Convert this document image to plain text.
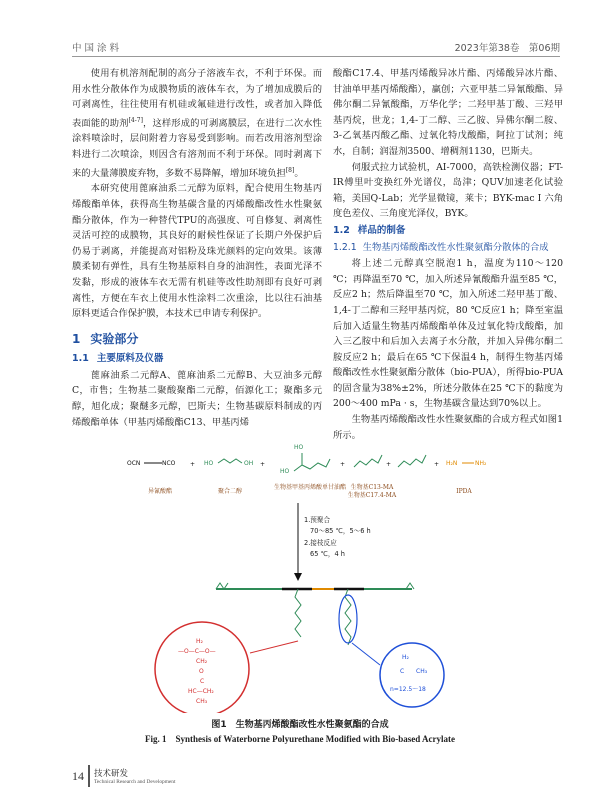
中 国 涂 料	2023年第38卷　第06期

使用有机溶剂配制的高分子溶液车衣，不利于环保。而用水性分散体作为成膜物质的液体车衣，为了增加成膜后的可剥离性，往往使用有机硅或氟硅进行改性，或者加入降低表面能的助剂[4-7]，这样形成的可剥离膜层，在进行二次水性涂料喷涂时，层间附着力容易受到影响。而若改用溶剂型涂料进行二次喷涂，则因含有溶剂而不利于环保。同时剥离下来的大量薄膜废弃物，多数不易降解，增加环境负担[8]。

本研究使用蓖麻油系二元醇为原料，配合使用生物基丙烯酸酯单体，获得高生物基碳含量的丙烯酸酯改性水性聚氨酯分散体，作为一种替代TPU的高强度、可自修复、剥离性灵活可控的成膜物，其良好的耐候性保证了长期户外保护后仍易于剥离，并能提高对铝粉及珠光颜料的定向效果。该薄膜柔韧有弹性，具有生物基原料自身的油润性，表面光泽不发黏，形成的液体车衣无需有机硅等改性助剂即有良好可剥离性，方便在车衣上使用水性涂料二次重涂，比以往石油基原料更适合作保护膜，本技术已申请专利保护。

1 实验部分
1.1 主要原料及仪器

蓖麻油系二元醇A、蓖麻油系二元醇B、大豆油多元醇C，市售；生物基二聚酸聚酯二元醇，佰源化工；聚酯多元醇，旭化成；聚醚多元醇，巴斯夫；生物基碳原料制成的丙烯酸酯单体（甲基丙烯酸酯C13、甲基丙烯

酸酯C17.4、甲基丙烯酸异冰片酯、丙烯酸异冰片酯、甘油单甲基丙烯酸酯），赢创；六亚甲基二异氰酸酯、异佛尔酮二异氰酸酯，万华化学；二羟甲基丁酸、三羟甲基丙烷，世龙；1,4-丁二醇、三乙胺、异佛尔酮二胺、3-乙氧基丙酸乙酯、过氧化特戊酸酯，阿拉丁试剂；纯水，自制；润湿剂3500、增稠剂1130，巴斯夫。

伺服式拉力试验机，AI-7000，高铁检测仪器；FT-IR傅里叶变换红外光谱仪，岛津；QUV加速老化试验箱，美国Q-Lab；光学显微镜，莱卡；BYK-mac Ⅰ 六角度色差仪、三角度光泽仪，BYK。

1.2 样品的制备
1.2.1 生物基丙烯酸酯改性水性聚氨酯分散体的合成

将上述二元醇真空脱泡1 h，温度为110～120 ℃；再降温至70 ℃，加入所述异氰酸酯升温至85 ℃，反应2 h；然后降温至70 ℃，加入所述二羟甲基丁酸、1,4-丁二醇和三羟甲基丙烷，80 ℃反应1 h；降至室温后加入适量生物基丙烯酸酯单体及过氧化特戊酸酯，加入三乙胺中和后加入去离子水分散，并加入异佛尔酮二胺反应2 h；最后在65 ℃下保温4 h，制得生物基丙烯酸酯改性水性聚氨酯分散体（bio-PUA），所得bio-PUA的固含量为38%±2%，所述分散体在25 ℃下的黏度为200～400 mPa · s，生物基碳含量达到70%以上。

生物基丙烯酸酯改性水性聚氨酯的合成方程式如图1所示。

OCN	NCO
异氰酸酯
+ HO	OH
聚合二醇
+
HO
HO
生物基甲基丙烯酸单甘油酯
+
生物基C13-MA
生物基C17.4-MA
+	+ H₂N	NH₂
IPDA
1.预聚合
70～85 ℃，5～6 h
2.接枝反应
65 ℃，4 h
H₂
—O—C—O—
CH₂
O
C
HC—CH₂
CH₃
H₂
C CH₃
n=12.5～18
图1　生物基丙烯酸酯改性水性聚氨酯的合成
Fig. 1　Synthesis of Waterborne Polyurethane Modified with Bio-based Acrylate
14 技术研发
Technical Research and Development
